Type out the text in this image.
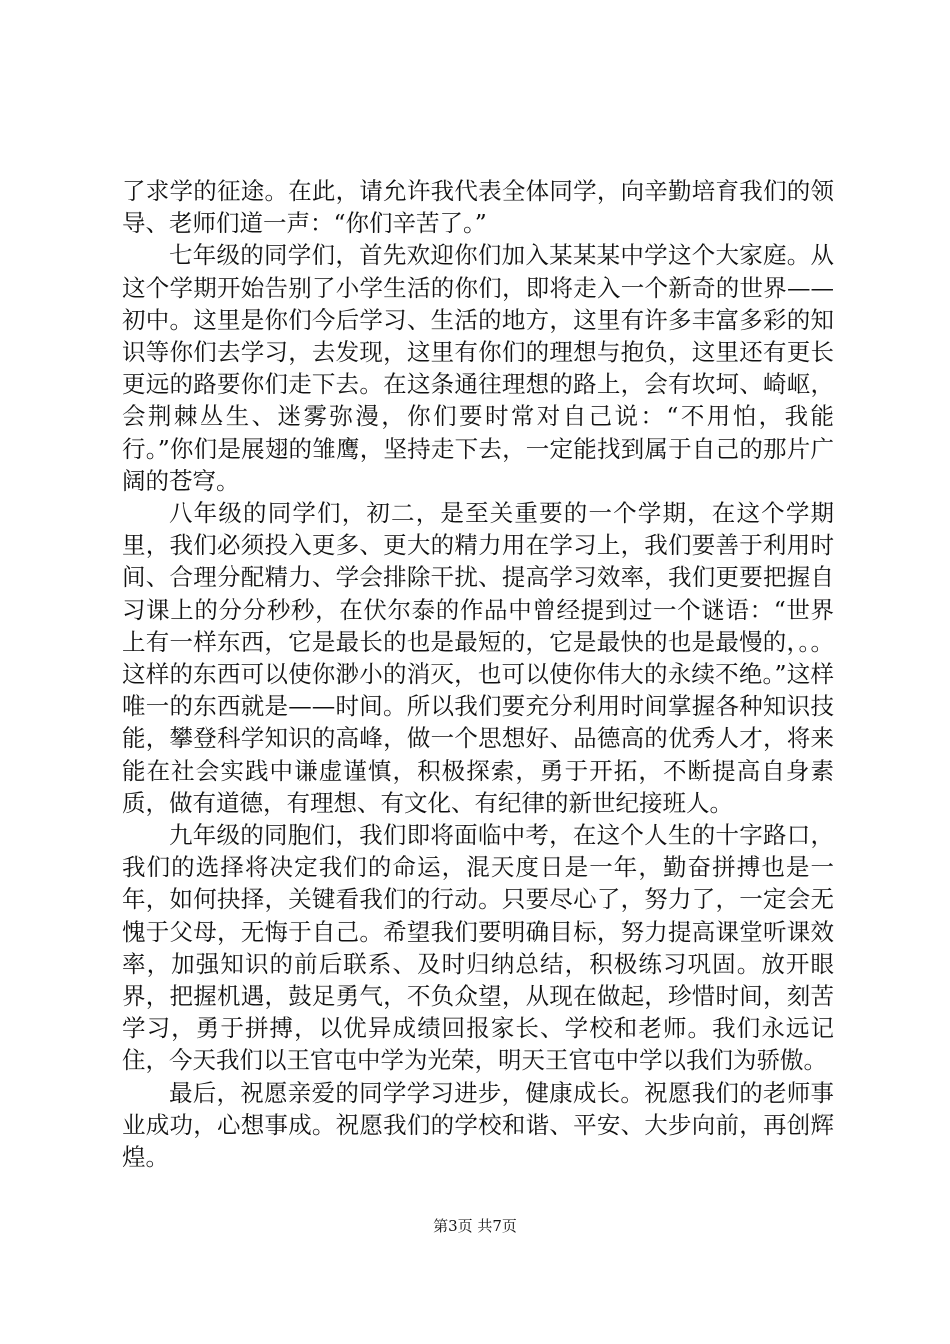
了求学的征途。在此，请允许我代表全体同学，向辛勤培育我们的领导、老师们道一声：“你们辛苦了。”

七年级的同学们，首先欢迎你们加入某某某中学这个大家庭。从这个学期开始告别了小学生活的你们，即将走入一个新奇的世界——初中。这里是你们今后学习、生活的地方，这里有许多丰富多彩的知识等你们去学习，去发现，这里有你们的理想与抱负，这里还有更长更远的路要你们走下去。在这条通往理想的路上，会有坎坷、崎岖，会荆棘丛生、迷雾弥漫，你们要时常对自己说：“不用怕，我能行。”你们是展翅的雏鹰，坚持走下去，一定能找到属于自己的那片广阔的苍穹。

八年级的同学们，初二，是至关重要的一个学期，在这个学期里，我们必须投入更多、更大的精力用在学习上，我们要善于利用时间、合理分配精力、学会排除干扰、提高学习效率，我们更要把握自习课上的分分秒秒，在伏尔泰的作品中曾经提到过一个谜语：“世界上有一样东西，它是最长的也是最短的，它是最快的也是最慢的，。。这样的东西可以使你渺小的消灭，也可以使你伟大的永续不绝。”这样唯一的东西就是——时间。所以我们要充分利用时间掌握各种知识技能，攀登科学知识的高峰，做一个思想好、品德高的优秀人才，将来能在社会实践中谦虚谨慎，积极探索，勇于开拓，不断提高自身素质，做有道德，有理想、有文化、有纪律的新世纪接班人。

九年级的同胞们，我们即将面临中考，在这个人生的十字路口，我们的选择将决定我们的命运，混天度日是一年，勤奋拼搏也是一年，如何抉择，关键看我们的行动。只要尽心了，努力了，一定会无愧于父母，无悔于自己。希望我们要明确目标，努力提高课堂听课效率，加强知识的前后联系、及时归纳总结，积极练习巩固。放开眼界，把握机遇，鼓足勇气，不负众望，从现在做起，珍惜时间，刻苦学习，勇于拼搏，以优异成绩回报家长、学校和老师。我们永远记住，今天我们以王官屯中学为光荣，明天王官屯中学以我们为骄傲。

最后，祝愿亲爱的同学学习进步，健康成长。祝愿我们的老师事业成功，心想事成。祝愿我们的学校和谐、平安、大步向前，再创辉煌。

第3页 共7页
